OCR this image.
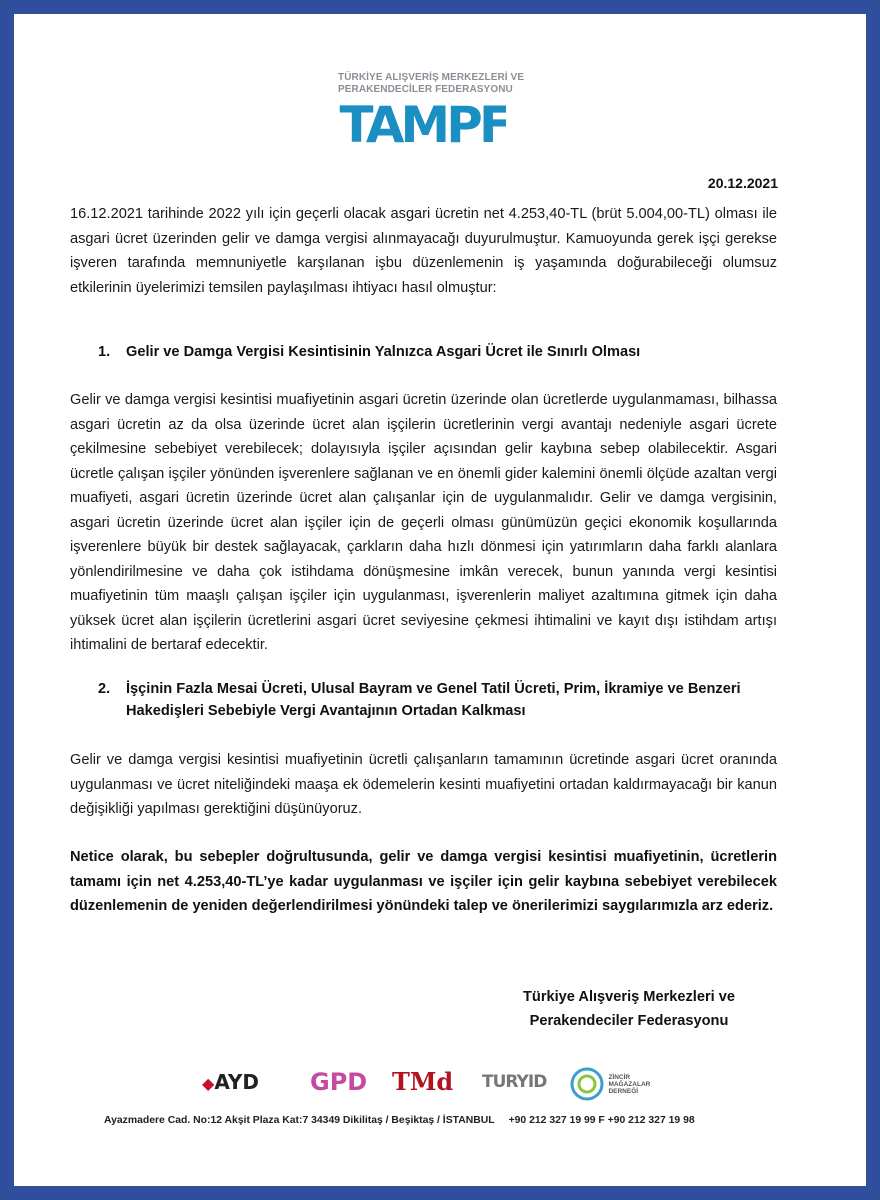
TÜRKİYE ALIŞVERİŞ MERKEZLERİ VE
PERAKENDECİLER FEDERASYONU
TAMPF
20.12.2021

16.12.2021 tarihinde 2022 yılı için geçerli olacak asgari ücretin net 4.253,40-TL (brüt 5.004,00-TL) olması ile asgari ücret üzerinden gelir ve damga vergisi alınmayacağı duyurulmuştur. Kamuoyunda gerek işçi gerekse işveren tarafında memnuniyetle karşılanan işbu düzenlemenin iş yaşamında doğurabileceği olumsuz etkilerinin üyelerimizi temsilen paylaşılması ihtiyacı hasıl olmuştur:

1. Gelir ve Damga Vergisi Kesintisinin Yalnızca Asgari Ücret ile Sınırlı Olması

Gelir ve damga vergisi kesintisi muafiyetinin asgari ücretin üzerinde olan ücretlerde uygulanmaması, bilhassa asgari ücretin az da olsa üzerinde ücret alan işçilerin ücretlerinin vergi avantajı nedeniyle asgari ücrete çekilmesine sebebiyet verebilecek; dolayısıyla işçiler açısından gelir kaybına sebep olabilecektir. Asgari ücretle çalışan işçiler yönünden işverenlere sağlanan ve en önemli gider kalemini önemli ölçüde azaltan vergi muafiyeti, asgari ücretin üzerinde ücret alan çalışanlar için de uygulanmalıdır. Gelir ve damga vergisinin, asgari ücretin üzerinde ücret alan işçiler için de geçerli olması günümüzün geçici ekonomik koşullarında işverenlere büyük bir destek sağlayacak, çarkların daha hızlı dönmesi için yatırımların daha farklı alanlara yönlendirilmesine ve daha çok istihdama dönüşmesine imkân verecek, bunun yanında vergi kesintisi muafiyetinin tüm maaşlı çalışan işçiler için uygulanması, işverenlerin maliyet azaltımına gitmek için daha yüksek ücret alan işçilerin ücretlerini asgari ücret seviyesine çekmesi ihtimalini ve kayıt dışı istihdam artışı ihtimalini de bertaraf edecektir.

2. İşçinin Fazla Mesai Ücreti, Ulusal Bayram ve Genel Tatil Ücreti, Prim, İkramiye ve Benzeri
Hakedişleri Sebebiyle Vergi Avantajının Ortadan Kalkması

Gelir ve damga vergisi kesintisi muafiyetinin ücretli çalışanların tamamının ücretinde asgari ücret oranında uygulanması ve ücret niteliğindeki maaşa ek ödemelerin kesinti muafiyetini ortadan kaldırmayacağı bir kanun değişikliği yapılması gerektiğini düşünüyoruz.

Netice olarak, bu sebepler doğrultusunda, gelir ve damga vergisi kesintisi muafiyetinin, ücretlerin tamamı için net 4.253,40-TL’ye kadar uygulanması ve işçiler için gelir kaybına sebebiyet verebilecek düzenlemenin de yeniden değerlendirilmesi yönündeki talep ve önerilerimizi saygılarımızla arz ederiz.

Türkiye Alışveriş Merkezleri ve
Perakendeciler Federasyonu
◆AYD	GPD TMd	TURYID	ZİNCİR
MAĞAZALAR
DERNEĞİ
Ayazmadere Cad. No:12 Akşit Plaza Kat:7 34349 Dikilitaş / Beşiktaş / İSTANBUL +90 212 327 19 99 F +90 212 327 19 98
